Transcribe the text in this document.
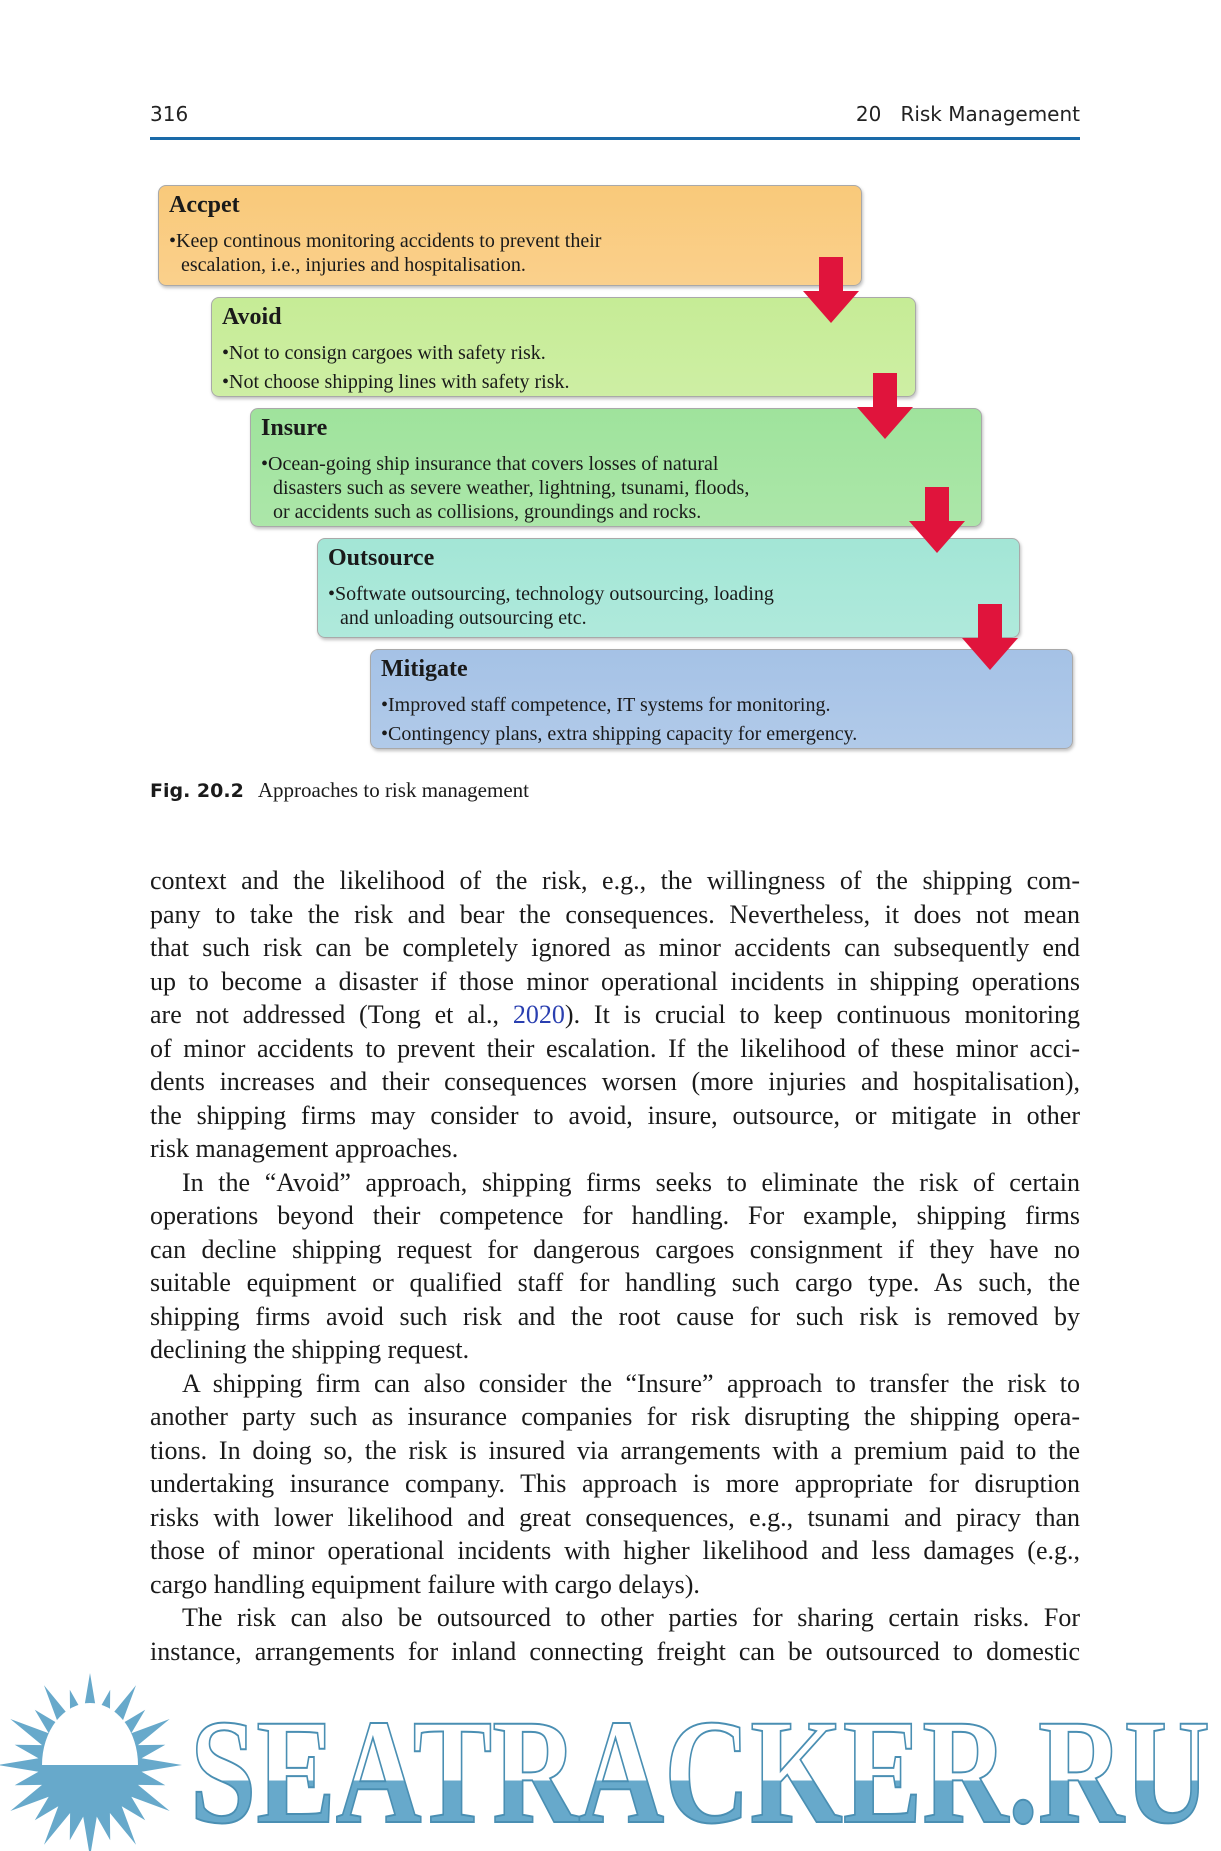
316	20 Risk Management
Accpet
•Keep continous monitoring accidents to prevent their
escalation, i.e., injuries and hospitalisation.
Avoid
•Not to consign cargoes with safety risk.
•Not choose shipping lines with safety risk.
Insure
•Ocean-going ship insurance that covers losses of natural
disasters such as severe weather, lightning, tsunami, floods,
or accidents such as collisions, groundings and rocks.
Outsource
•Softwate outsourcing, technology outsourcing, loading
and unloading outsourcing etc.
Mitigate
•Improved staff competence, IT systems for monitoring.
•Contingency plans, extra shipping capacity for emergency.
Fig. 20.2 Approaches to risk management
context and the likelihood of the risk, e.g., the willingness of the shipping com-
pany to take the risk and bear the consequences. Nevertheless, it does not mean
that such risk can be completely ignored as minor accidents can subsequently end
up to become a disaster if those minor operational incidents in shipping operations
are not addressed (Tong et al., 2020). It is crucial to keep continuous monitoring
of minor accidents to prevent their escalation. If the likelihood of these minor acci-
dents increases and their consequences worsen (more injuries and hospitalisation),
the shipping firms may consider to avoid, insure, outsource, or mitigate in other
risk management approaches.
In the “Avoid” approach, shipping firms seeks to eliminate the risk of certain
operations beyond their competence for handling. For example, shipping firms
can decline shipping request for dangerous cargoes consignment if they have no
suitable equipment or qualified staff for handling such cargo type. As such, the
shipping firms avoid such risk and the root cause for such risk is removed by
declining the shipping request.
A shipping firm can also consider the “Insure” approach to transfer the risk to
another party such as insurance companies for risk disrupting the shipping opera-
tions. In doing so, the risk is insured via arrangements with a premium paid to the
undertaking insurance company. This approach is more appropriate for disruption
risks with lower likelihood and great consequences, e.g., tsunami and piracy than
those of minor operational incidents with higher likelihood and less damages (e.g.,
cargo handling equipment failure with cargo delays).
The risk can also be outsourced to other parties for sharing certain risks. For
instance, arrangements for inland connecting freight can be outsourced to domestic
SEATRACKER.RU
